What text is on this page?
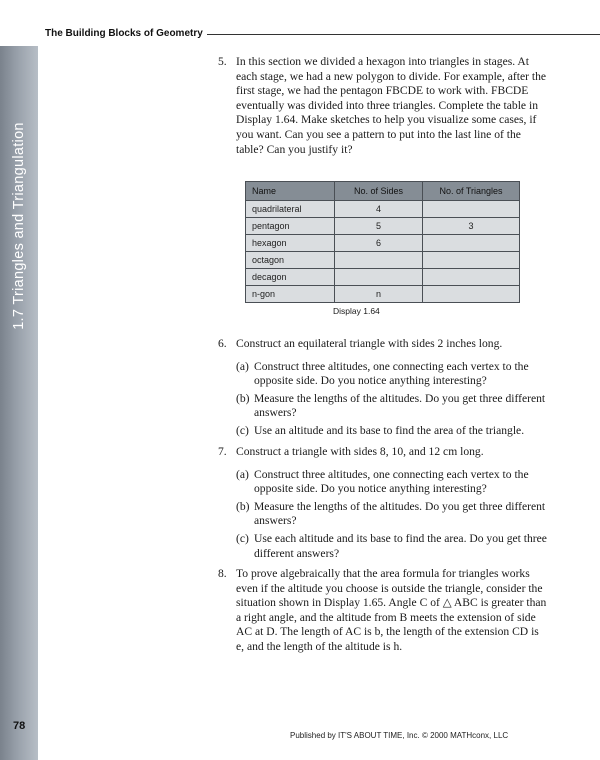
The Building Blocks of Geometry
1.7 Triangles and Triangulation
78
5. In this section we divided a hexagon into triangles in stages. At each stage, we had a new polygon to divide. For example, after the first stage, we had the pentagon FBCDE to work with. FBCDE eventually was divided into three triangles. Complete the table in Display 1.64. Make sketches to help you visualize some cases, if you want. Can you see a pattern to put into the last line of the table? Can you justify it?
Name	No. of Sides	No. of Triangles
quadrilateral	4	
pentagon	5	3
hexagon	6	
octagon		
decagon		
n-gon	n	
Display 1.64
6. Construct an equilateral triangle with sides 2 inches long.
(a) Construct three altitudes, one connecting each vertex to the opposite side. Do you notice anything interesting?
(b) Measure the lengths of the altitudes. Do you get three different answers?
(c) Use an altitude and its base to find the area of the triangle.
7. Construct a triangle with sides 8, 10, and 12 cm long.
(a) Construct three altitudes, one connecting each vertex to the opposite side. Do you notice anything interesting?
(b) Measure the lengths of the altitudes. Do you get three different answers?
(c) Use each altitude and its base to find the area. Do you get three different answers?
8. To prove algebraically that the area formula for triangles works even if the altitude you choose is outside the triangle, consider the situation shown in Display 1.65. Angle C of △ ABC is greater than a right angle, and the altitude from B meets the extension of side AC at D. The length of AC is b, the length of the extension CD is e, and the length of the altitude is h.
Published by IT'S ABOUT TIME, Inc. © 2000 MATHconx, LLC
